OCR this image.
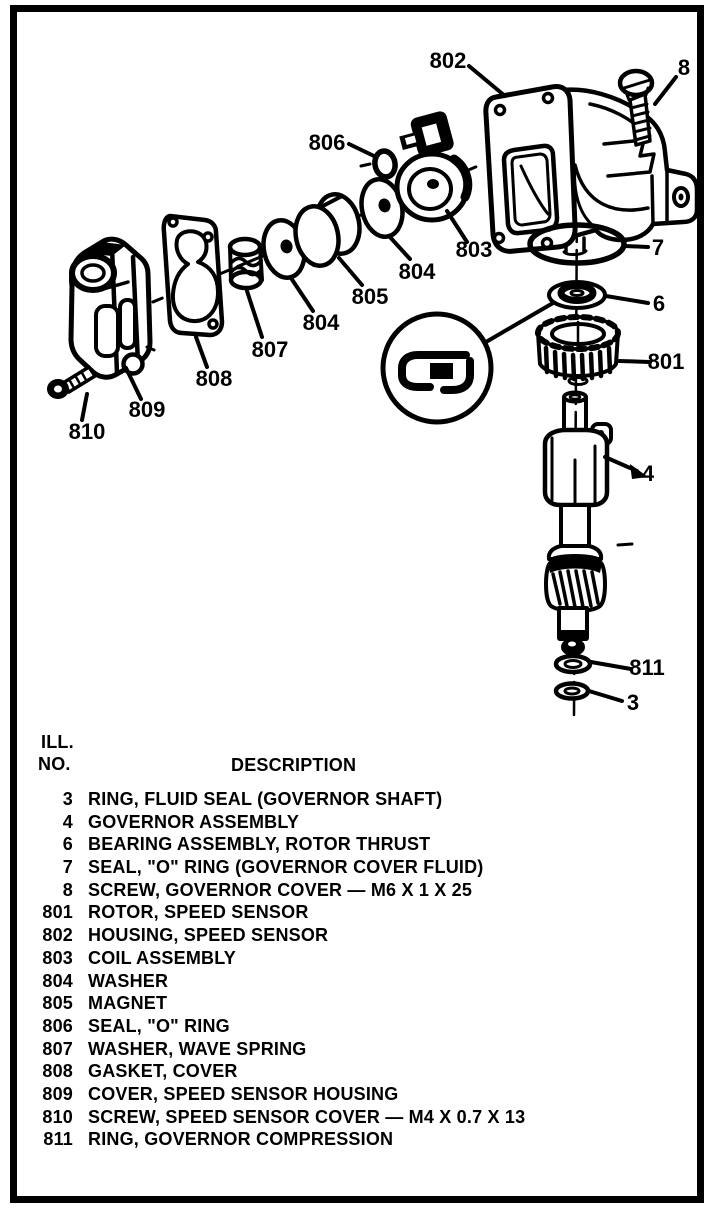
802	8
806
803
804
805
804
807
808
809
810
7
6
801
4
811
3
ILL.
NO.	DESCRIPTION
3 RING, FLUID SEAL (GOVERNOR SHAFT)
4 GOVERNOR ASSEMBLY
6 BEARING ASSEMBLY, ROTOR THRUST
7 SEAL, "O" RING (GOVERNOR COVER FLUID)
8 SCREW, GOVERNOR COVER — M6 X 1 X 25
801 ROTOR, SPEED SENSOR
802 HOUSING, SPEED SENSOR
803 COIL ASSEMBLY
804 WASHER
805 MAGNET
806 SEAL, "O" RING
807 WASHER, WAVE SPRING
808 GASKET, COVER
809 COVER, SPEED SENSOR HOUSING
810 SCREW, SPEED SENSOR COVER — M4 X 0.7 X 13
811 RING, GOVERNOR COMPRESSION
